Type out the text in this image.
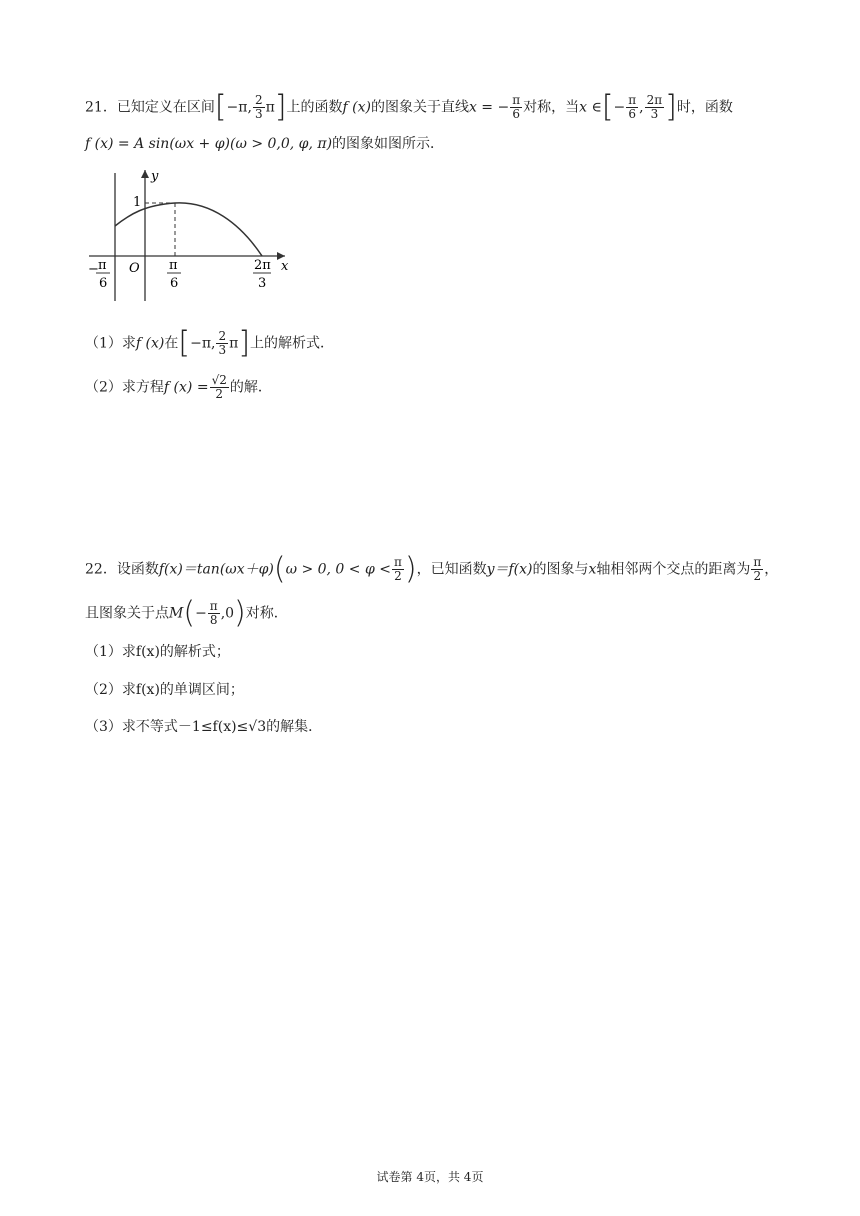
21．已知定义在区间[−π, $\frac{2}{3} \pi$]上的函数f (x)的图象关于直线x = − $\frac{\pi}{6}$ 对称，当x ∈[− $\frac{\pi}{6}$ , $\frac{2\pi}{3}$ ]时，函数
f (x) = A sin(ωx + φ)(ω > 0,0, φ, π)的图象如图所示．
y
x
1
O
− π
6
π
6
2π
3
（1）求f (x)在[−π, $\frac{2}{3} \pi$]上的解析式．
（2）求方程f $(x) = \frac{√2}{2}$ 的解．
22．设函数f(x)＝tan(ωx＋φ)(ω > 0, $0 < \varphi < \frac{\pi}{2}$ )，已知函数y＝f(x)的图象与x轴相邻两个交点的距离为 $\frac{\pi}{2}$ ，
且图象关于点$M(- \frac{\pi}{8} ,0)$对称．
（1）求f(x)的解析式；
（2）求f(x)的单调区间；
（3）求不等式－1≤f(x)≤√3的解集．
试卷第 4页，共 4页
